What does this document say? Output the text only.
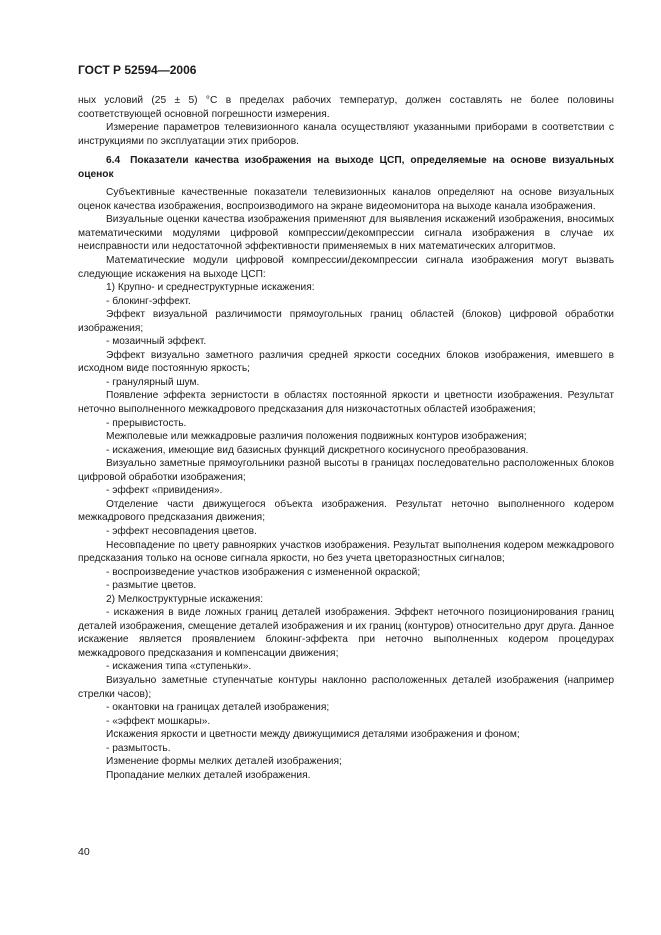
ГОСТ Р 52594—2006

ных условий (25 ± 5) °С в пределах рабочих температур, должен составлять не более половины соответствующей основной погрешности измерения.

Измерение параметров телевизионного канала осуществляют указанными приборами в соответствии с инструкциями по эксплуатации этих приборов.

6.4 Показатели качества изображения на выходе ЦСП, определяемые на основе визуальных оценок

Субъективные качественные показатели телевизионных каналов определяют на основе визуальных оценок качества изображения, воспроизводимого на экране видеомонитора на выходе канала изображения.

Визуальные оценки качества изображения применяют для выявления искажений изображения, вносимых математическими модулями цифровой компрессии/декомпрессии сигнала изображения в случае их неисправности или недостаточной эффективности применяемых в них математических алгоритмов.

Математические модули цифровой компрессии/декомпрессии сигнала изображения могут вызвать следующие искажения на выходе ЦСП:

1) Крупно- и среднеструктурные искажения:

- блокинг-эффект.

Эффект визуальной различимости прямоугольных границ областей (блоков) цифровой обработки изображения;

- мозаичный эффект.

Эффект визуально заметного различия средней яркости соседних блоков изображения, имевшего в исходном виде постоянную яркость;

- гранулярный шум.

Появление эффекта зернистости в областях постоянной яркости и цветности изображения. Результат неточно выполненного межкадрового предсказания для низкочастотных областей изображения;

- прерывистость.

Межполевые или межкадровые различия положения подвижных контуров изображения;

- искажения, имеющие вид базисных функций дискретного косинусного преобразования.

Визуально заметные прямоугольники разной высоты в границах последовательно расположенных блоков цифровой обработки изображения;

- эффект «привидения».

Отделение части движущегося объекта изображения. Результат неточно выполненного кодером межкадрового предсказания движения;

- эффект несовпадения цветов.

Несовпадение по цвету равнояркиx участков изображения. Результат выполнения кодером межкадрового предсказания только на основе сигнала яркости, но без учета цветоразностных сигналов;

- воспроизведение участков изображения с измененной окраской;

- размытие цветов.

2) Мелкоструктурные искажения:

- искажения в виде ложных границ деталей изображения. Эффект неточного позиционирования границ деталей изображения, смещение деталей изображения и их границ (контуров) относительно друг друга. Данное искажение является проявлением блокинг-эффекта при неточно выполненных кодером процедурах межкадрового предсказания и компенсации движения;

- искажения типа «ступеньки».

Визуально заметные ступенчатые контуры наклонно расположенных деталей изображения (например стрелки часов);

- окантовки на границах деталей изображения;

- «эффект мошкары».

Искажения яркости и цветности между движущимися деталями изображения и фоном;

- размытость.

Изменение формы мелких деталей изображения;

Пропадание мелких деталей изображения.

40
